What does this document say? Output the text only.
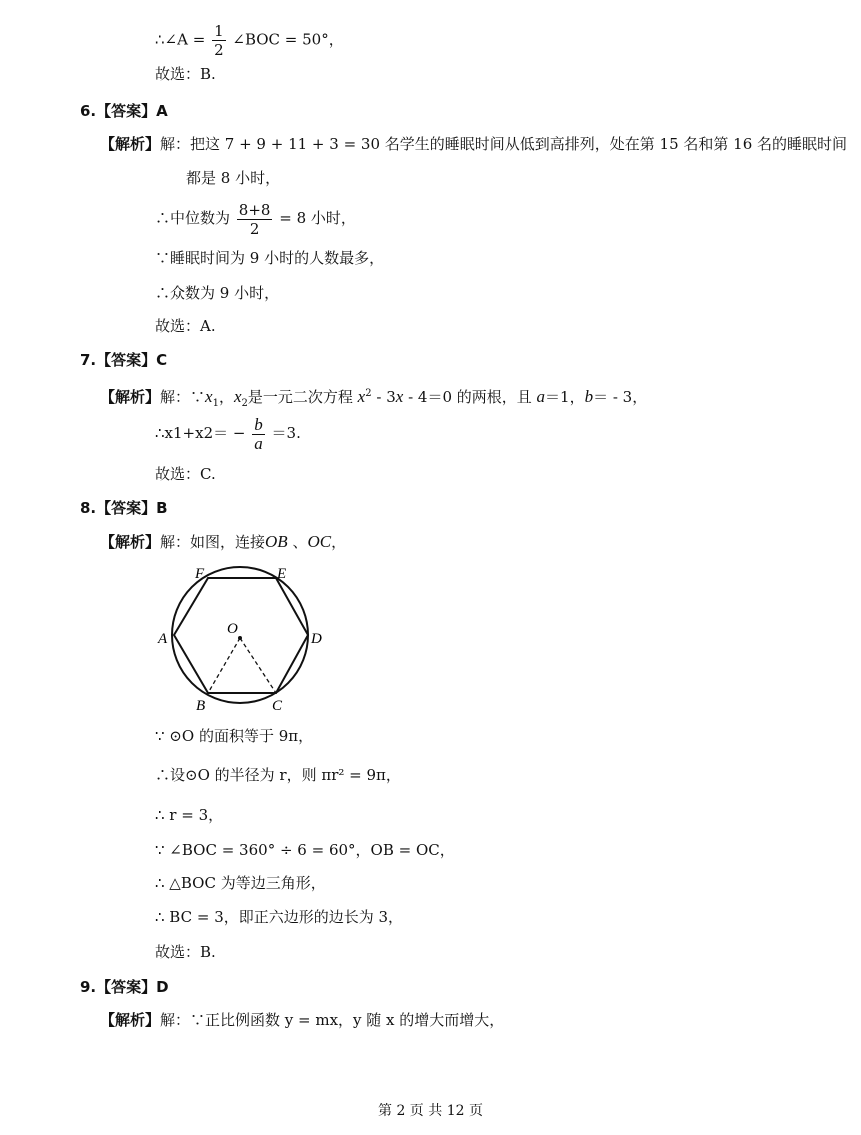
∴∠A = $\frac{1}{2}$ ∠BOC = 50°，
故选：B.
6.【答案】A
【解析】解：把这 7 + 9 + 11 + 3 = 30 名学生的睡眠时间从低到高排列，处在第 15 名和第 16 名的睡眠时间
都是 8 小时，
∴中位数为 $\frac{8+8}{2} = 8$ 小时，
∵睡眠时间为 9 小时的人数最多，
∴众数为 9 小时，
故选：A.
7.【答案】C
【解析】解：$\because x_1$，$x_2$是一元二次方程 $x^2 - 3x - 4=0$ 的两根，且 a＝1，b＝ - 3，
∴x1+x2＝ − $\frac{b}{a} =3$.
故选：C.
8.【答案】B
【解析】解：如图，连接OB 、OC，
F	E
A
O
D
B	C
∵ ⊙O 的面积等于 9π，
∴设⊙O 的半径为 r，则 πr² = 9π，
∴ r = 3，
∵ ∠BOC = 360° ÷ 6 = 60°，OB = OC，
∴ △BOC 为等边三角形，
∴ BC = 3，即正六边形的边长为 3，
故选：B.
9.【答案】D
【解析】解：∵正比例函数 y = mx，y 随 x 的增大而增大，
第 2 页 共 12 页
